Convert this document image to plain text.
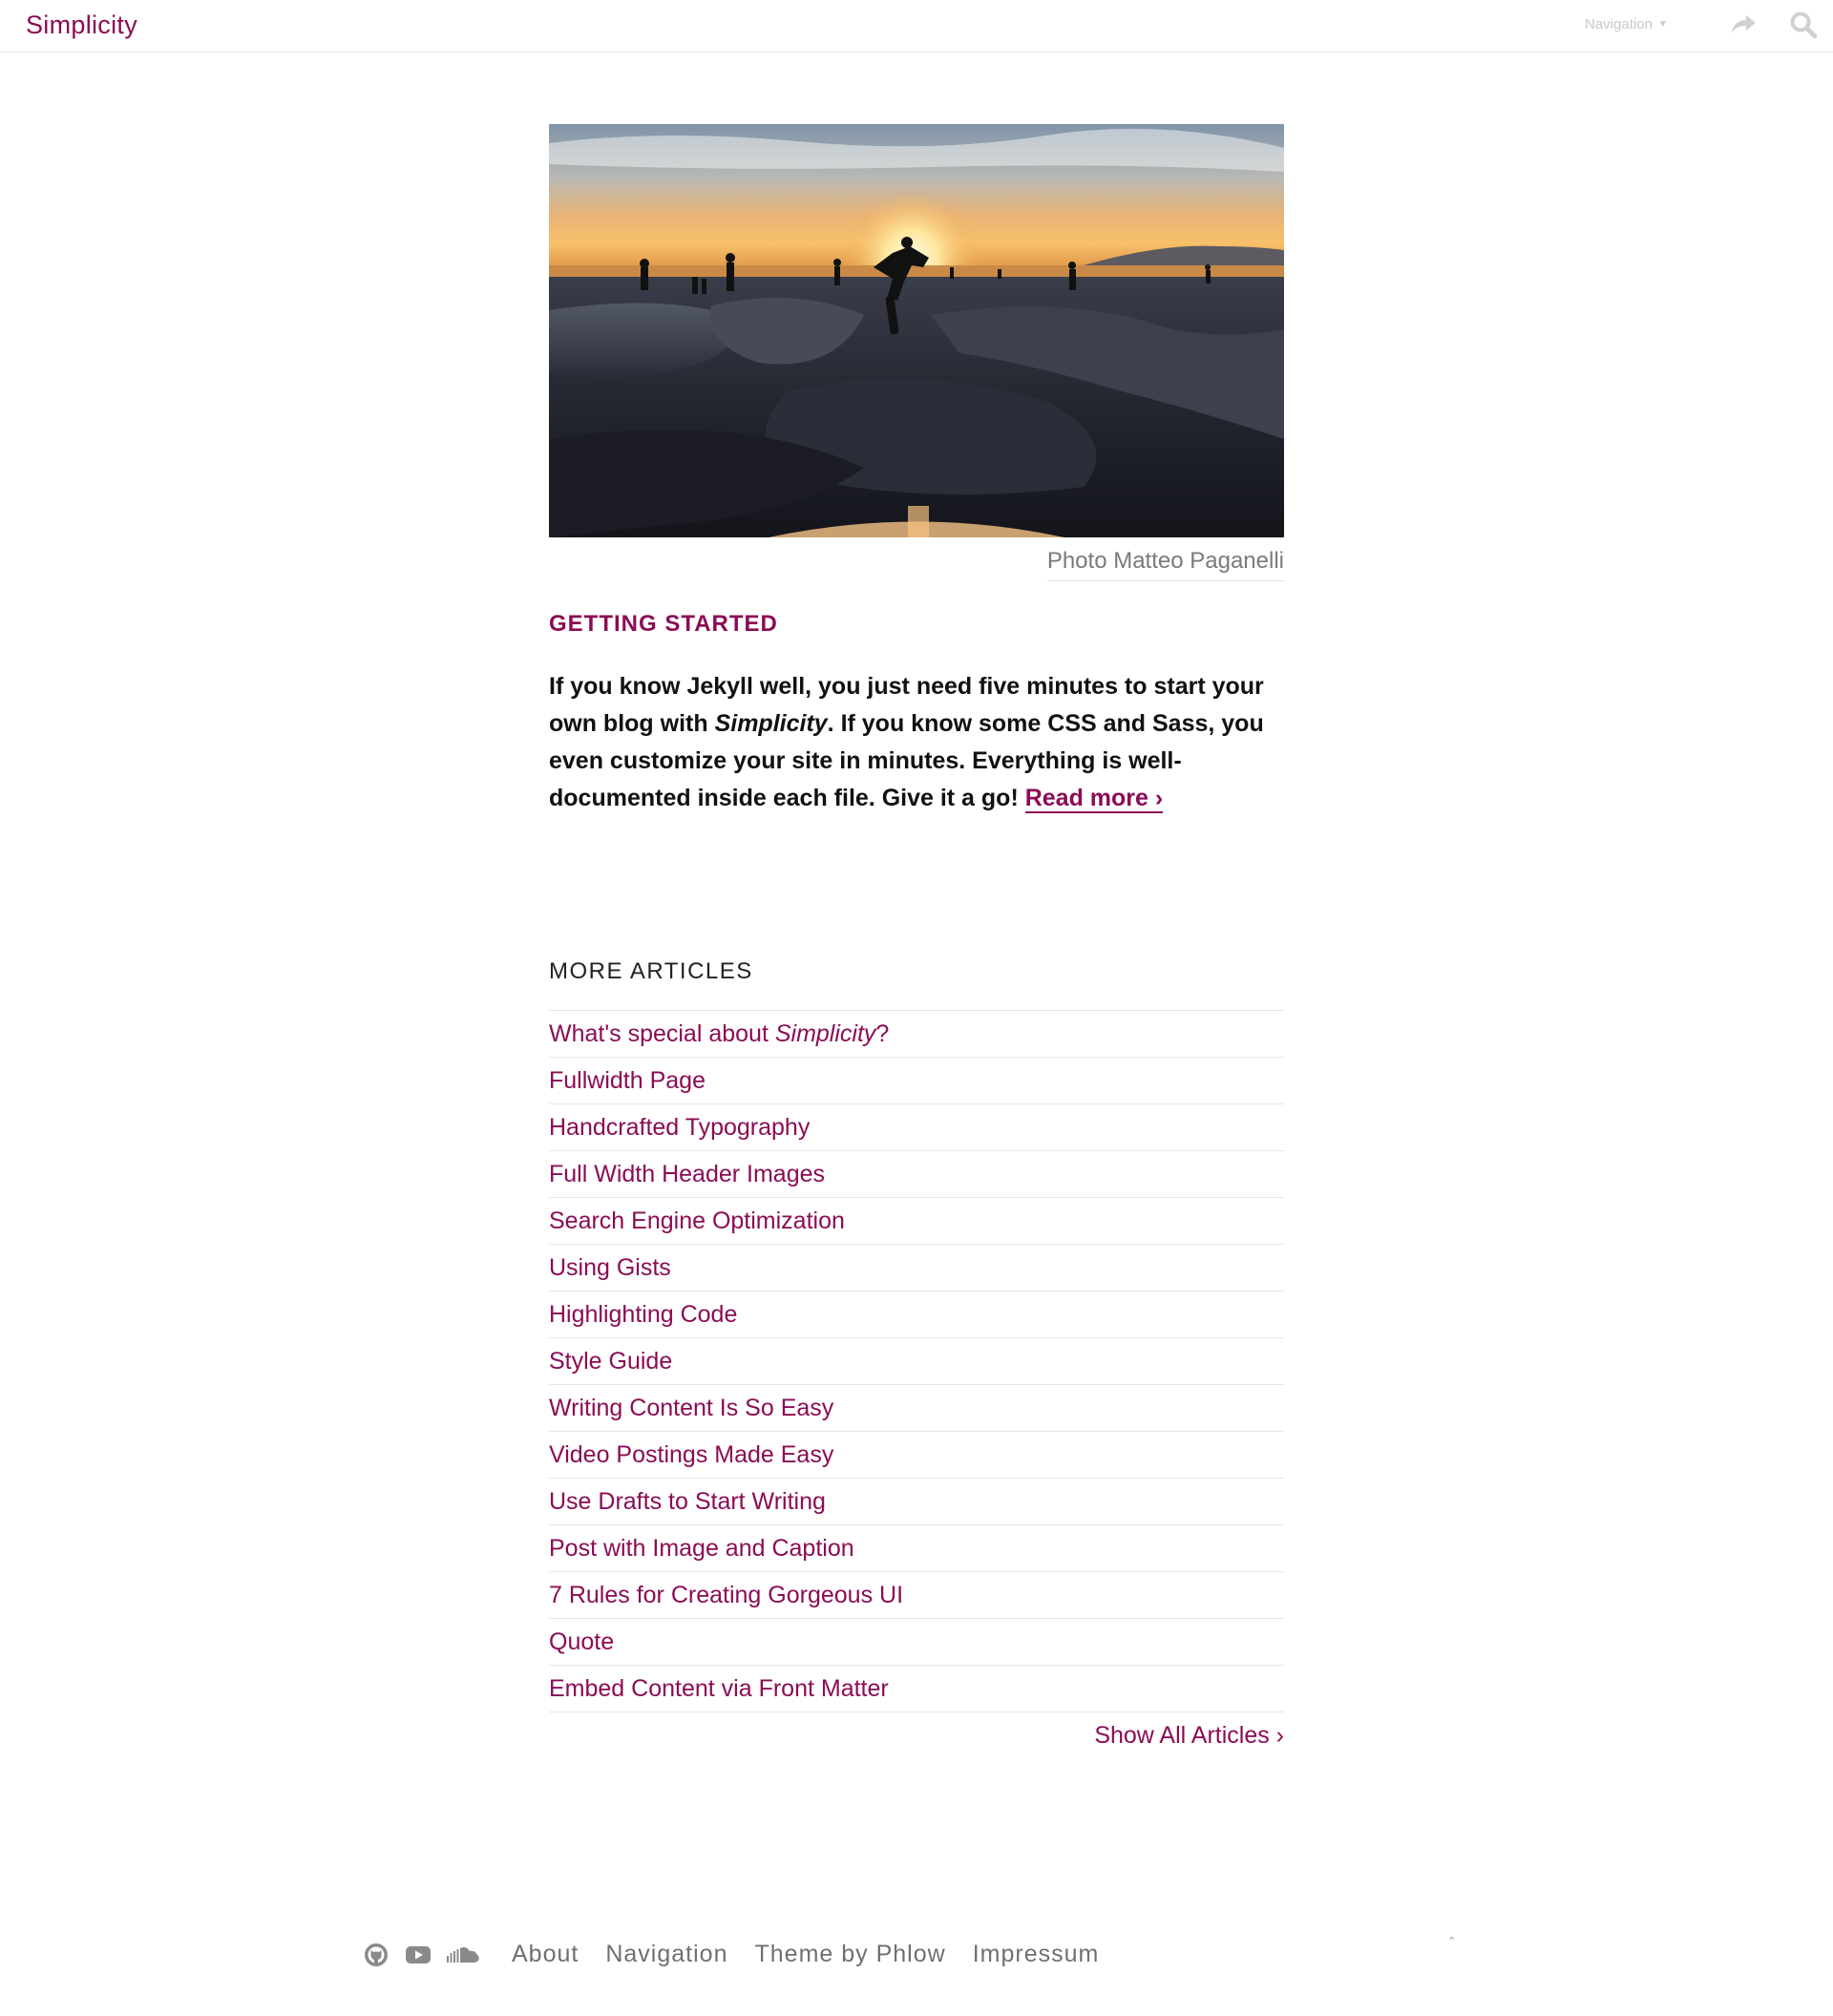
Simplicity	Navigation ▼
Photo Matteo Paganelli
GETTING STARTED

If you know Jekyll well, you just need five minutes to start your own blog with Simplicity. If you know some CSS and Sass, you even customize your site in minutes. Everything is well-documented inside each file. Give it a go! Read more ›

MORE ARTICLES
What's special about Simplicity?
Fullwidth Page
Handcrafted Typography
Full Width Header Images
Search Engine Optimization
Using Gists
Highlighting Code
Style Guide
Writing Content Is So Easy
Video Postings Made Easy
Use Drafts to Start Writing
Post with Image and Caption
7 Rules for Creating Gorgeous UI
Quote
Embed Content via Front Matter
Show All Articles ›
About Navigation Theme by Phlow Impressum	ˆ
